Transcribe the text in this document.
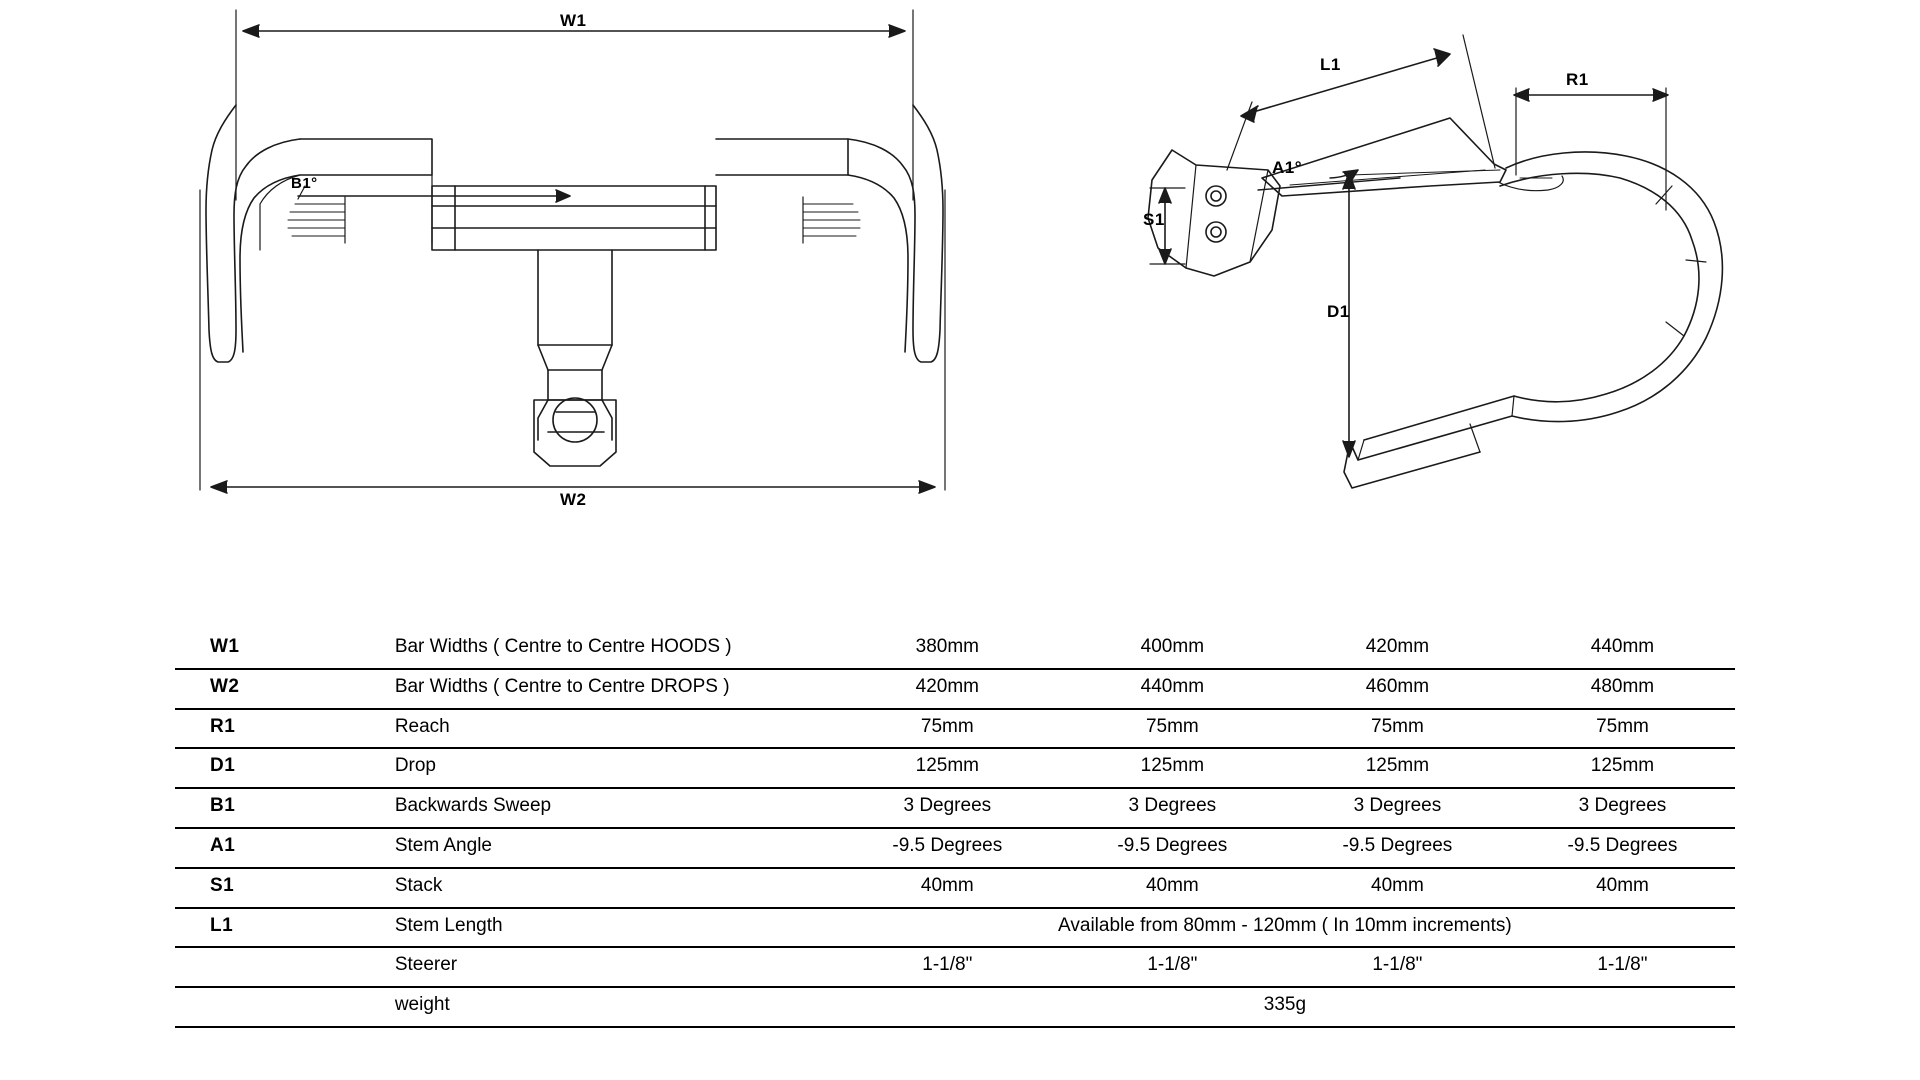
W1
W2
B1°
L1
R1
A1°
S1
D1
W1	Bar Widths ( Centre to Centre HOODS )	380mm	400mm	420mm	440mm
W2	Bar Widths ( Centre to Centre DROPS )	420mm	440mm	460mm	480mm
R1	Reach	75mm	75mm	75mm	75mm
D1	Drop	125mm	125mm	125mm	125mm
B1	Backwards Sweep	3 Degrees	3 Degrees	3 Degrees	3 Degrees
A1	Stem Angle	-9.5 Degrees	-9.5 Degrees	-9.5 Degrees	-9.5 Degrees
S1	Stack	40mm	40mm	40mm	40mm
L1	Stem Length	Available from 80mm - 120mm ( In 10mm increments)			
	Steerer	1-1/8"	1-1/8"	1-1/8"	1-1/8"
	weight	335g			
